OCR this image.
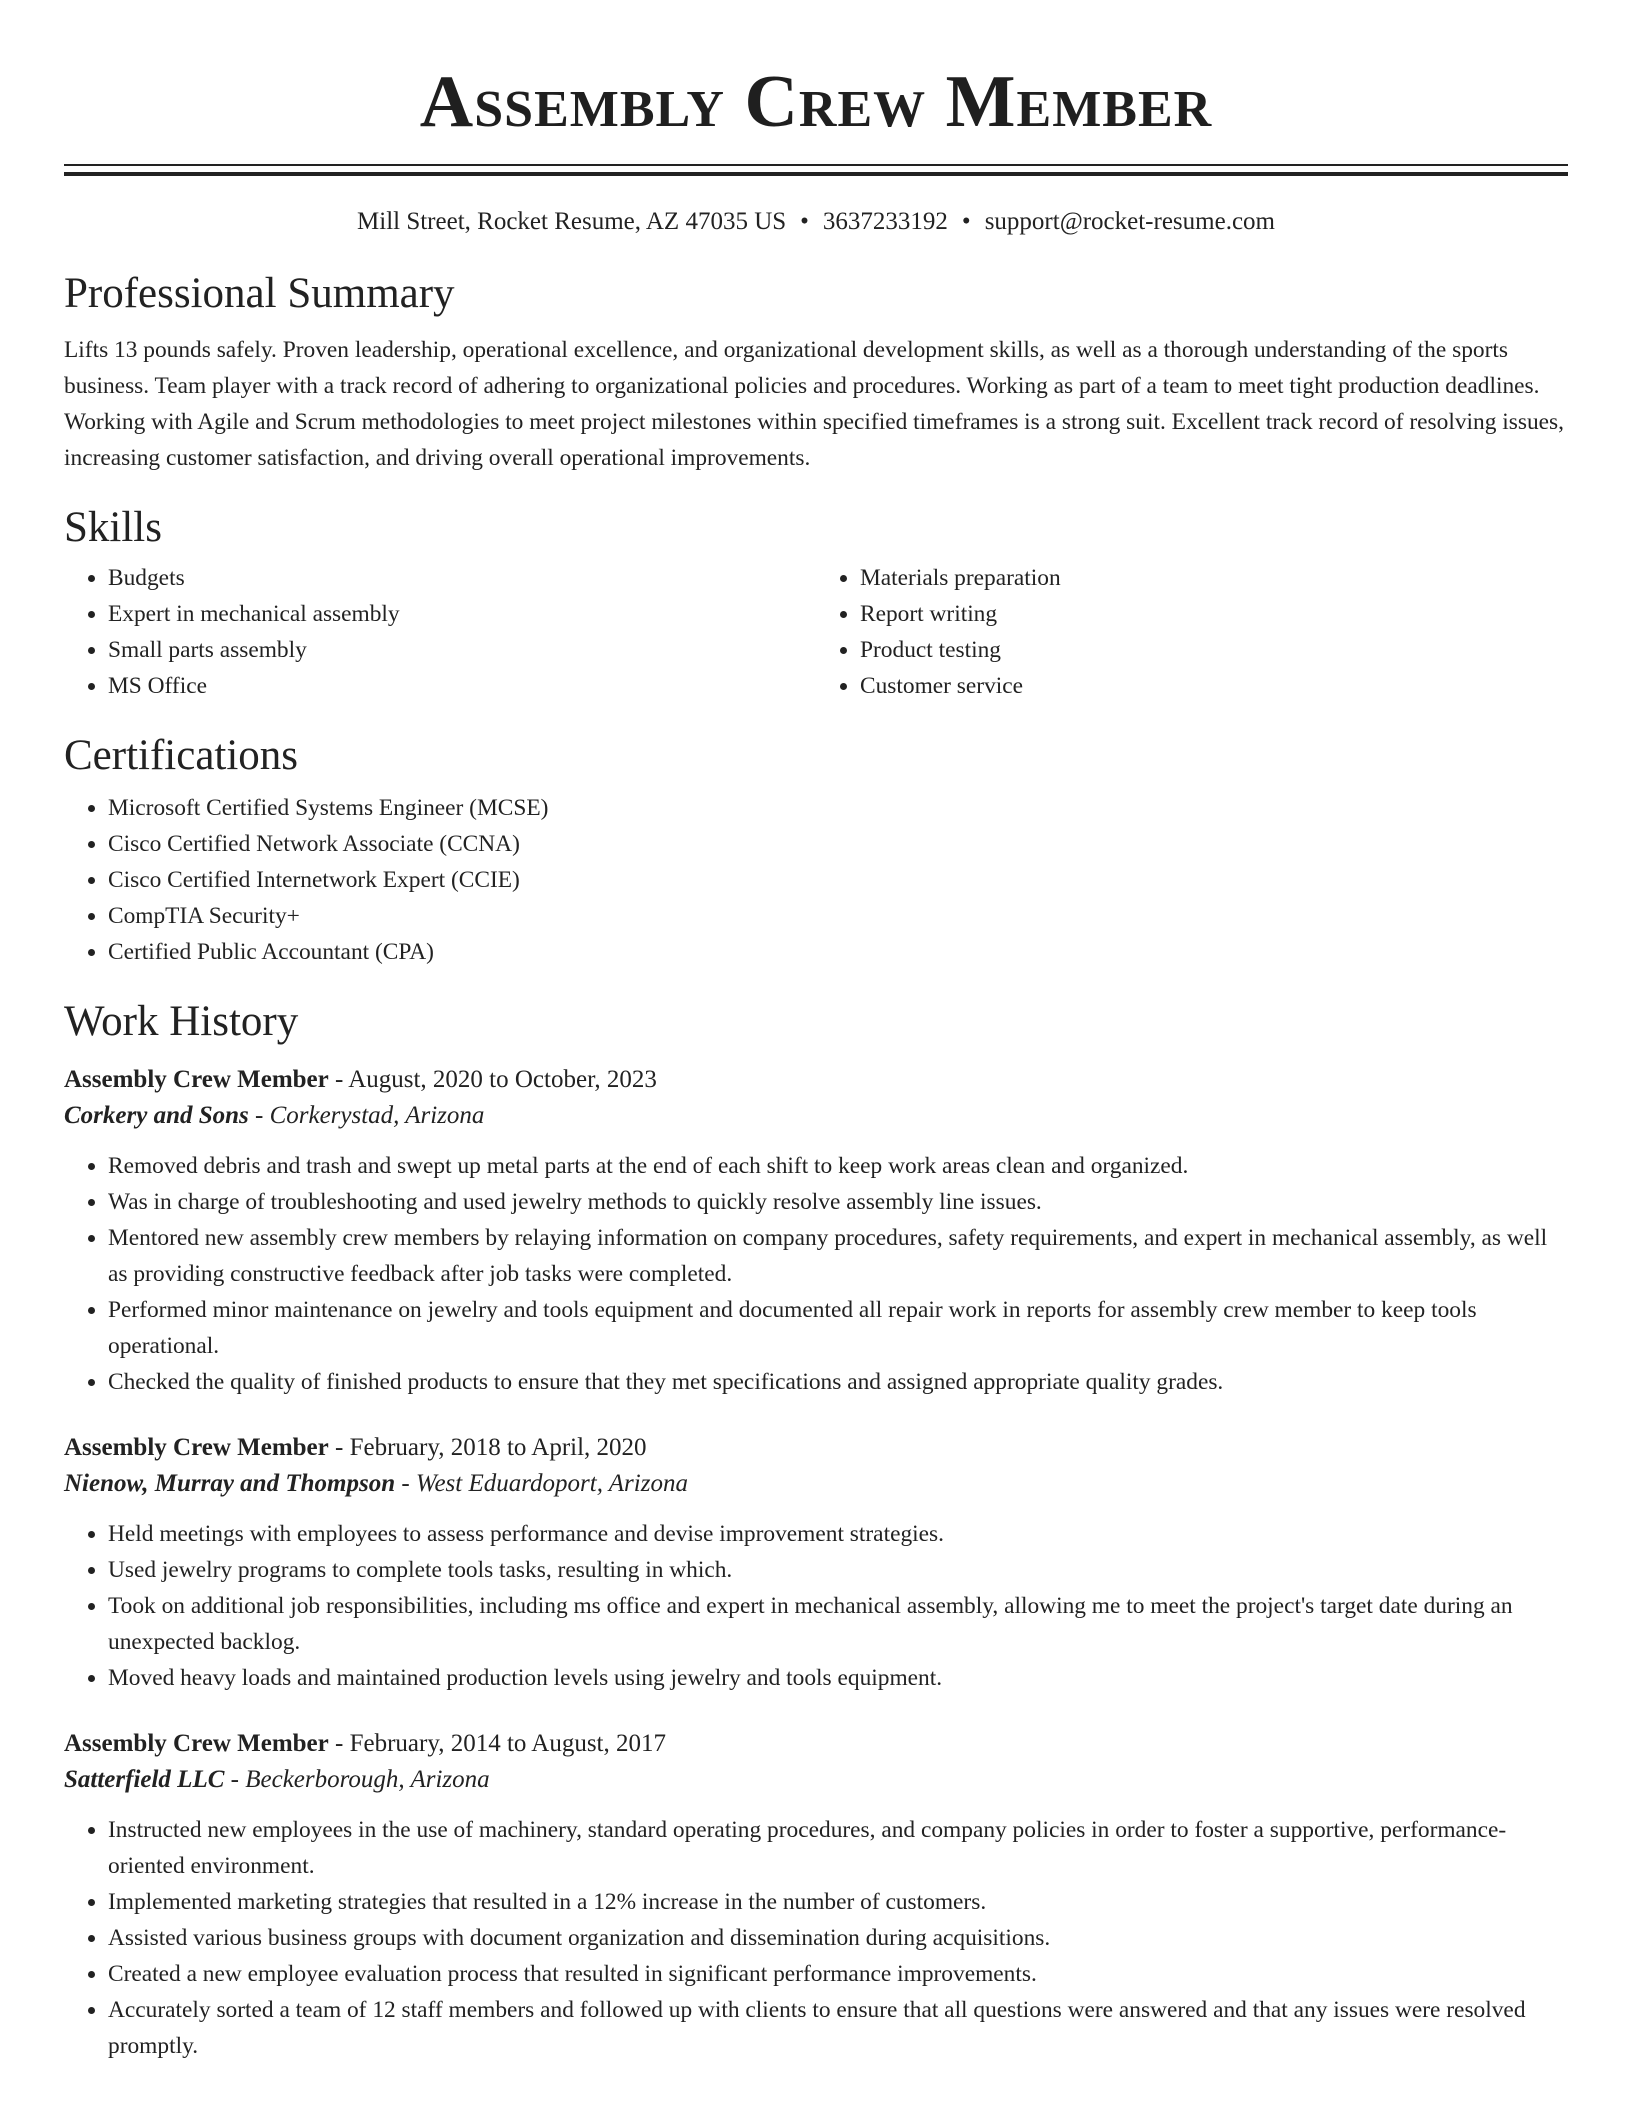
Assembly Crew Member
Mill Street, Rocket Resume, AZ 47035 US • 3637233192 • support@rocket-resume.com
Professional Summary
Lifts 13 pounds safely. Proven leadership, operational excellence, and organizational development skills, as well as a thorough understanding of the sports business. Team player with a track record of adhering to organizational policies and procedures. Working as part of a team to meet tight production deadlines. Working with Agile and Scrum methodologies to meet project milestones within specified timeframes is a strong suit. Excellent track record of resolving issues, increasing customer satisfaction, and driving overall operational improvements.
Skills
• Budgets
• Expert in mechanical assembly
• Small parts assembly
• MS Office
• Materials preparation
• Report writing
• Product testing
• Customer service
Certifications
• Microsoft Certified Systems Engineer (MCSE)
• Cisco Certified Network Associate (CCNA)
• Cisco Certified Internetwork Expert (CCIE)
• CompTIA Security+
• Certified Public Accountant (CPA)
Work History
Assembly Crew Member - August, 2020 to October, 2023
Corkery and Sons - Corkerystad, Arizona
• Removed debris and trash and swept up metal parts at the end of each shift to keep work areas clean and organized.
• Was in charge of troubleshooting and used jewelry methods to quickly resolve assembly line issues.
• Mentored new assembly crew members by relaying information on company procedures, safety requirements, and expert in mechanical assembly, as well as providing constructive feedback after job tasks were completed.
• Performed minor maintenance on jewelry and tools equipment and documented all repair work in reports for assembly crew member to keep tools operational.
• Checked the quality of finished products to ensure that they met specifications and assigned appropriate quality grades.
Assembly Crew Member - February, 2018 to April, 2020
Nienow, Murray and Thompson - West Eduardoport, Arizona
• Held meetings with employees to assess performance and devise improvement strategies.
• Used jewelry programs to complete tools tasks, resulting in which.
• Took on additional job responsibilities, including ms office and expert in mechanical assembly, allowing me to meet the project's target date during an unexpected backlog.
• Moved heavy loads and maintained production levels using jewelry and tools equipment.
Assembly Crew Member - February, 2014 to August, 2017
Satterfield LLC - Beckerborough, Arizona
• Instructed new employees in the use of machinery, standard operating procedures, and company policies in order to foster a supportive, performance-oriented environment.
• Implemented marketing strategies that resulted in a 12% increase in the number of customers.
• Assisted various business groups with document organization and dissemination during acquisitions.
• Created a new employee evaluation process that resulted in significant performance improvements.
• Accurately sorted a team of 12 staff members and followed up with clients to ensure that all questions were answered and that any issues were resolved promptly.
